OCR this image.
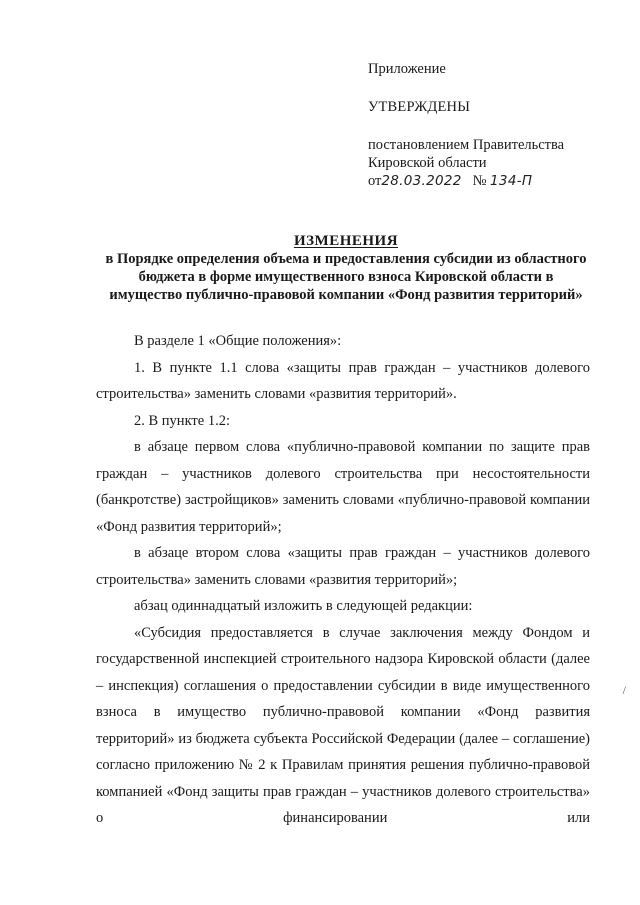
Приложение
УТВЕРЖДЕНЫ
постановлением Правительства
Кировской области
от28.03.2022 № 134-П
ИЗМЕНЕНИЯ
в Порядке определения объема и предоставления субсидии из областного
бюджета в форме имущественного взноса Кировской области в
имущество публично-правовой компании «Фонд развития территорий»

В разделе 1 «Общие положения»:

1. В пункте 1.1 слова «защиты прав граждан – участников долевого строительства» заменить словами «развития территорий».

2. В пункте 1.2:

в абзаце первом слова «публично-правовой компании по защите прав граждан – участников долевого строительства при несостоятельности (банкротстве) застройщиков» заменить словами «публично-правовой компании «Фонд развития территорий»;

в абзаце втором слова «защиты прав граждан – участников долевого строительства» заменить словами «развития территорий»;

абзац одиннадцатый изложить в следующей редакции:

«Субсидия предоставляется в случае заключения между Фондом и государственной инспекцией строительного надзора Кировской области (далее – инспекция) соглашения о предоставлении субсидии в виде имущественного взноса в имущество публично-правовой компании «Фонд развития территорий» из бюджета субъекта Российской Федерации (далее – соглашение) согласно приложению № 2 к Правилам принятия решения публично-правовой компанией «Фонд защиты прав граждан – участников долевого строительства» о финансировании или

/
